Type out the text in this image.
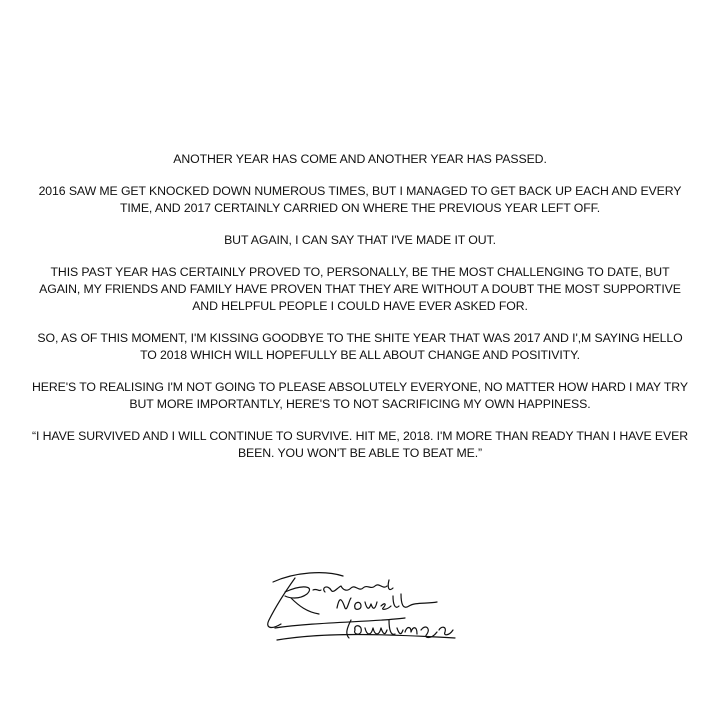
ANOTHER YEAR HAS COME AND ANOTHER YEAR HAS PASSED.

2016 SAW ME GET KNOCKED DOWN NUMEROUS TIMES, BUT I MANAGED TO GET BACK UP EACH AND EVERY TIME, AND 2017 CERTAINLY CARRIED ON WHERE THE PREVIOUS YEAR LEFT OFF.

BUT AGAIN, I CAN SAY THAT I'VE MADE IT OUT.

THIS PAST YEAR HAS CERTAINLY PROVED TO, PERSONALLY, BE THE MOST CHALLENGING TO DATE, BUT AGAIN, MY FRIENDS AND FAMILY HAVE PROVEN THAT THEY ARE WITHOUT A DOUBT THE MOST SUPPORTIVE AND HELPFUL PEOPLE I COULD HAVE EVER ASKED FOR.

SO, AS OF THIS MOMENT, I'M KISSING GOODBYE TO THE SHITE YEAR THAT WAS 2017 AND I',M SAYING HELLO TO 2018 WHICH WILL HOPEFULLY BE ALL ABOUT CHANGE AND POSITIVITY.

HERE'S TO REALISING I'M NOT GOING TO PLEASE ABSOLUTELY EVERYONE, NO MATTER HOW HARD I MAY TRY BUT MORE IMPORTANTLY, HERE'S TO NOT SACRIFICING MY OWN HAPPINESS.

“I HAVE SURVIVED AND I WILL CONTINUE TO SURVIVE. HIT ME, 2018. I'M MORE THAN READY THAN I HAVE EVER BEEN. YOU WON'T BE ABLE TO BEAT ME.”
